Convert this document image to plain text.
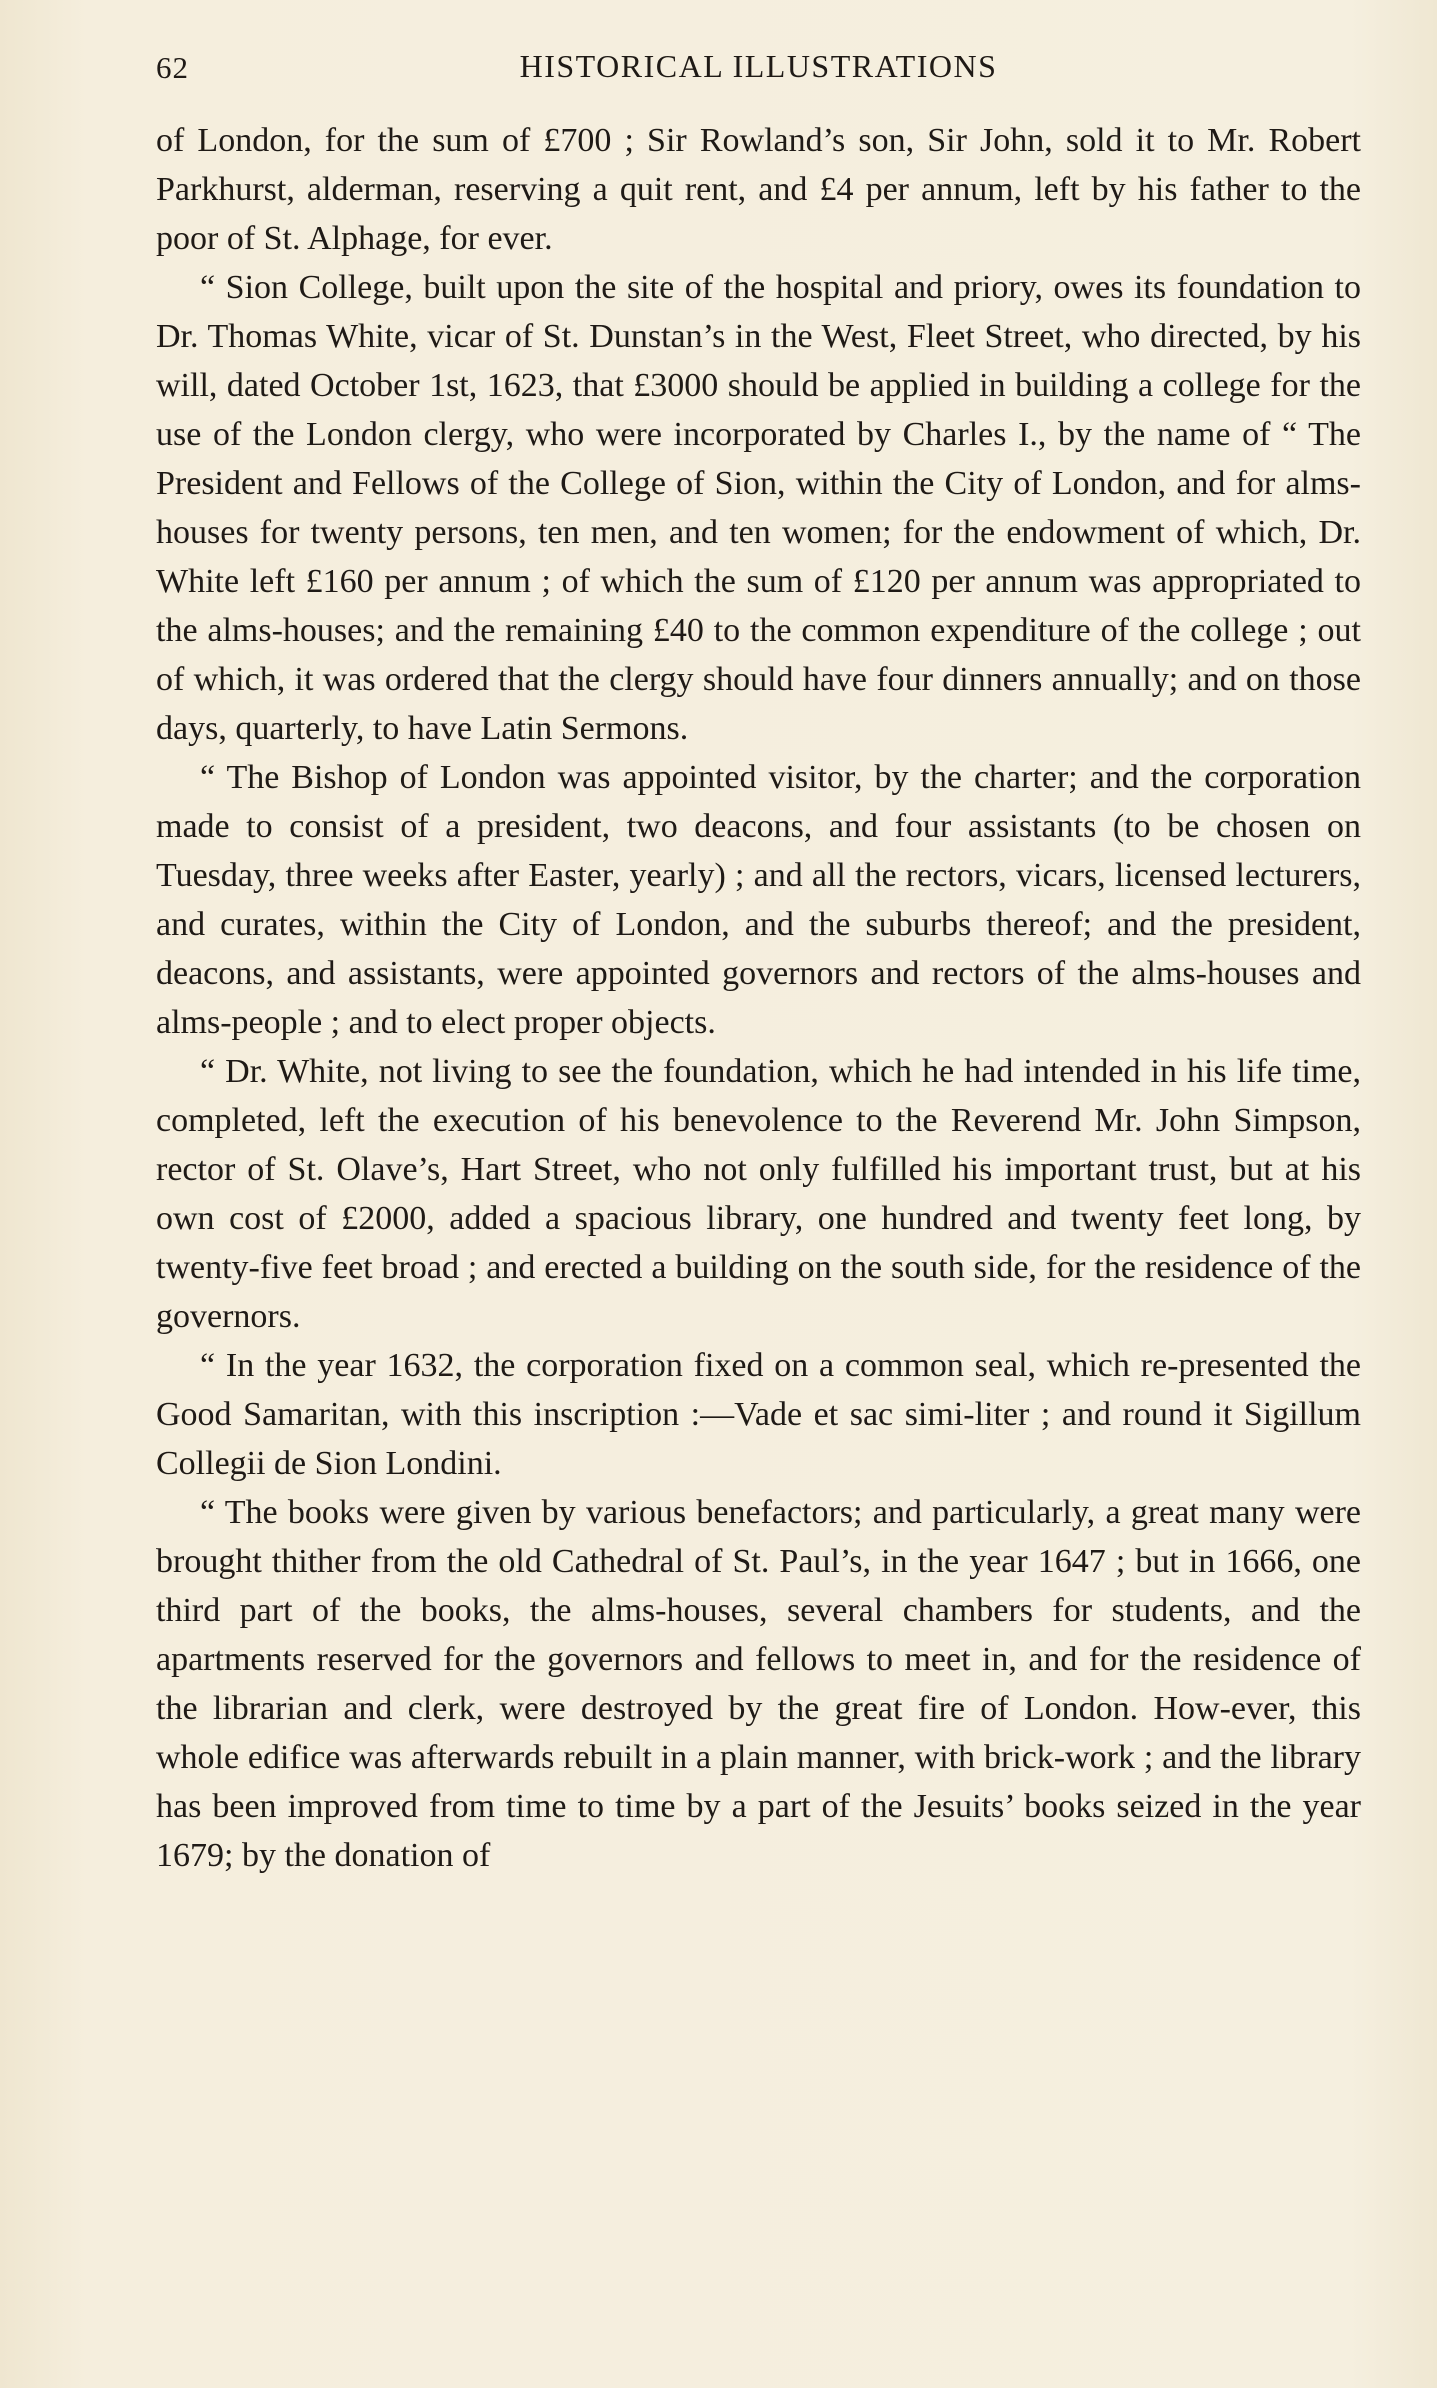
62	HISTORICAL ILLUSTRATIONS

of London, for the sum of £700 ; Sir Rowland’s son, Sir John, sold it to Mr. Robert Parkhurst, alderman, reserving a quit rent, and £4 per annum, left by his father to the poor of St. Alphage, for ever.

“ Sion College, built upon the site of the hospital and priory, owes its foundation to Dr. Thomas White, vicar of St. Dunstan’s in the West, Fleet Street, who directed, by his will, dated October 1st, 1623, that £3000 should be applied in building a college for the use of the London clergy, who were incorporated by Charles I., by the name of “ The President and Fellows of the College of Sion, within the City of London, and for alms-houses for twenty persons, ten men, and ten women; for the endowment of which, Dr. White left £160 per annum ; of which the sum of £120 per annum was appropriated to the alms-houses; and the remaining £40 to the common expenditure of the college ; out of which, it was ordered that the clergy should have four dinners annually; and on those days, quarterly, to have Latin Sermons.

“ The Bishop of London was appointed visitor, by the charter; and the corporation made to consist of a president, two deacons, and four assistants (to be chosen on Tuesday, three weeks after Easter, yearly) ; and all the rectors, vicars, licensed lecturers, and curates, within the City of London, and the suburbs thereof; and the president, deacons, and assistants, were appointed governors and rectors of the alms-houses and alms-people ; and to elect proper objects.

“ Dr. White, not living to see the foundation, which he had intended in his life time, completed, left the execution of his benevolence to the Reverend Mr. John Simpson, rector of St. Olave’s, Hart Street, who not only fulfilled his important trust, but at his own cost of £2000, added a spacious library, one hundred and twenty feet long, by twenty-five feet broad ; and erected a building on the south side, for the residence of the governors.

“ In the year 1632, the corporation fixed on a common seal, which re-presented the Good Samaritan, with this inscription :—Vade et sac simi-liter ; and round it Sigillum Collegii de Sion Londini.

“ The books were given by various benefactors; and particularly, a great many were brought thither from the old Cathedral of St. Paul’s, in the year 1647 ; but in 1666, one third part of the books, the alms-houses, several chambers for students, and the apartments reserved for the governors and fellows to meet in, and for the residence of the librarian and clerk, were destroyed by the great fire of London. How-ever, this whole edifice was afterwards rebuilt in a plain manner, with brick-work ; and the library has been improved from time to time by a part of the Jesuits’ books seized in the year 1679; by the donation of
